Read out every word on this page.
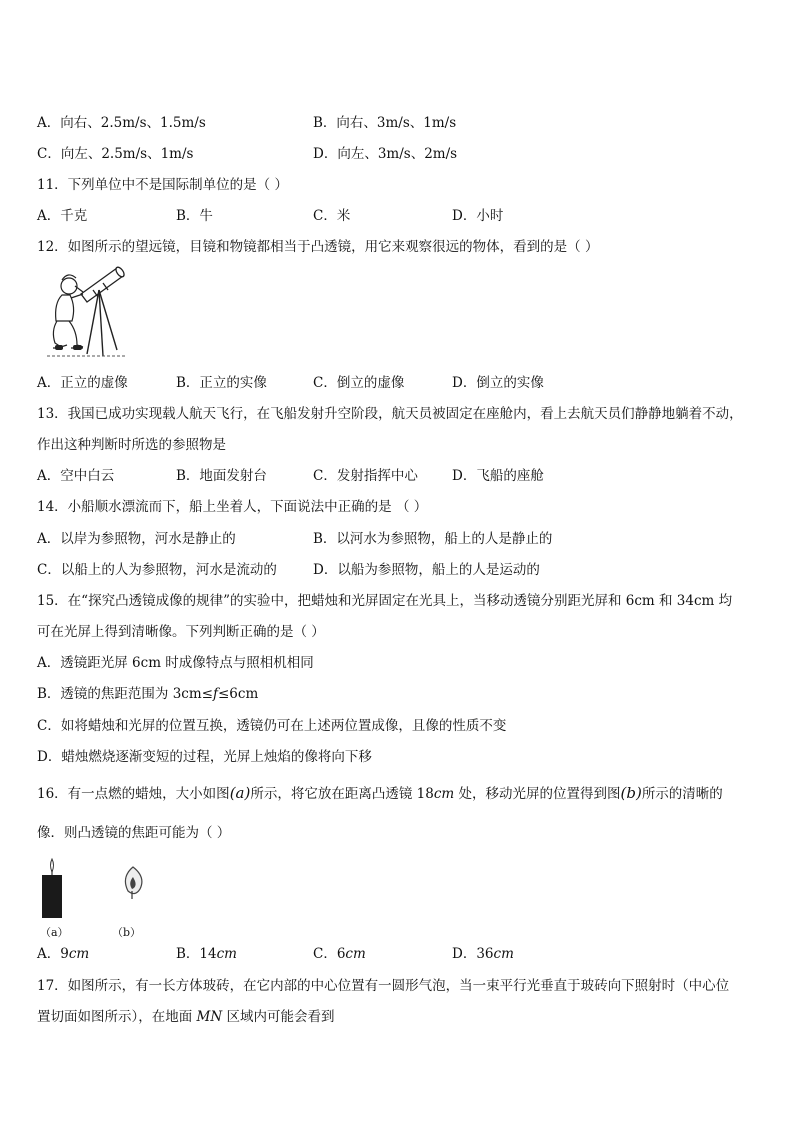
A．向右、2.5m/s、1.5m/s	B．向右、3m/s、1m/s
C．向左、2.5m/s、1m/s	D．向左、3m/s、2m/s
11．下列单位中不是国际制单位的是（ ）
A．千克	B．牛	C．米	D．小时
12．如图所示的望远镜，目镜和物镜都相当于凸透镜，用它来观察很远的物体，看到的是（ ）
A．正立的虚像	B．正立的实像	C．倒立的虚像	D．倒立的实像
13．我国已成功实现载人航天飞行，在飞船发射升空阶段，航天员被固定在座舱内，看上去航天员们静静地躺着不动，
作出这种判断时所选的参照物是
A．空中白云	B．地面发射台	C．发射指挥中心	D．飞船的座舱
14．小船顺水漂流而下，船上坐着人，下面说法中正确的是 （ ）
A．以岸为参照物，河水是静止的	B．以河水为参照物，船上的人是静止的
C．以船上的人为参照物，河水是流动的	D．以船为参照物，船上的人是运动的
15．在“探究凸透镜成像的规律”的实验中，把蜡烛和光屏固定在光具上，当移动透镜分别距光屏和 6cm 和 34cm 均
可在光屏上得到清晰像。下列判断正确的是（ ）
A．透镜距光屏 6cm 时成像特点与照相机相同
B．透镜的焦距范围为 3cm≤f≤6cm
C．如将蜡烛和光屏的位置互换，透镜仍可在上述两位置成像，且像的性质不变
D．蜡烛燃烧逐渐变短的过程，光屏上烛焰的像将向下移
16．有一点燃的蜡烛，大小如图(a)所示，将它放在距离凸透镜 18cm 处，移动光屏的位置得到图(b)所示的清晰的
像．则凸透镜的焦距可能为（ ）
（a）	（b）
A．9cm	B．14cm	C．6cm	D．36cm
17．如图所示，有一长方体玻砖，在它内部的中心位置有一圆形气泡，当一束平行光垂直于玻砖向下照射时（中心位
置切面如图所示），在地面 MN 区域内可能会看到
